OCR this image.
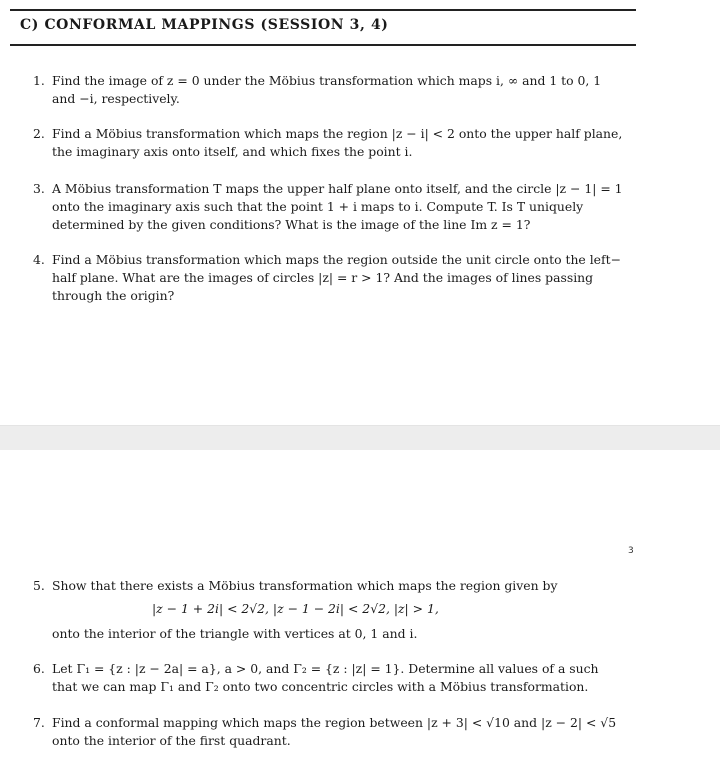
C) CONFORMAL MAPPINGS (SESSION 3, 4)
1. Find the image of z = 0 under the Möbius transformation which maps i, ∞ and 1 to 0, 1
and −i, respectively.
2. Find a Möbius transformation which maps the region |z − i| < 2 onto the upper half plane,
the imaginary axis onto itself, and which fixes the point i.
3. A Möbius transformation T maps the upper half plane onto itself, and the circle |z − 1| = 1
onto the imaginary axis such that the point 1 + i maps to i. Compute T. Is T uniquely
determined by the given conditions? What is the image of the line Im z = 1?
4. Find a Möbius transformation which maps the region outside the unit circle onto the left−
half plane. What are the images of circles |z| = r > 1? And the images of lines passing
through the origin?
3
5. Show that there exists a Möbius transformation which maps the region given by
|z − 1 + 2i| < 2√2, |z − 1 − 2i| < 2√2, |z| > 1,
onto the interior of the triangle with vertices at 0, 1 and i.
6. Let Γ₁ = {z : |z − 2a| = a}, a > 0, and Γ₂ = {z : |z| = 1}. Determine all values of a such
that we can map Γ₁ and Γ₂ onto two concentric circles with a Möbius transformation.
7. Find a conformal mapping which maps the region between |z + 3| < √10 and |z − 2| < √5
onto the interior of the first quadrant.
